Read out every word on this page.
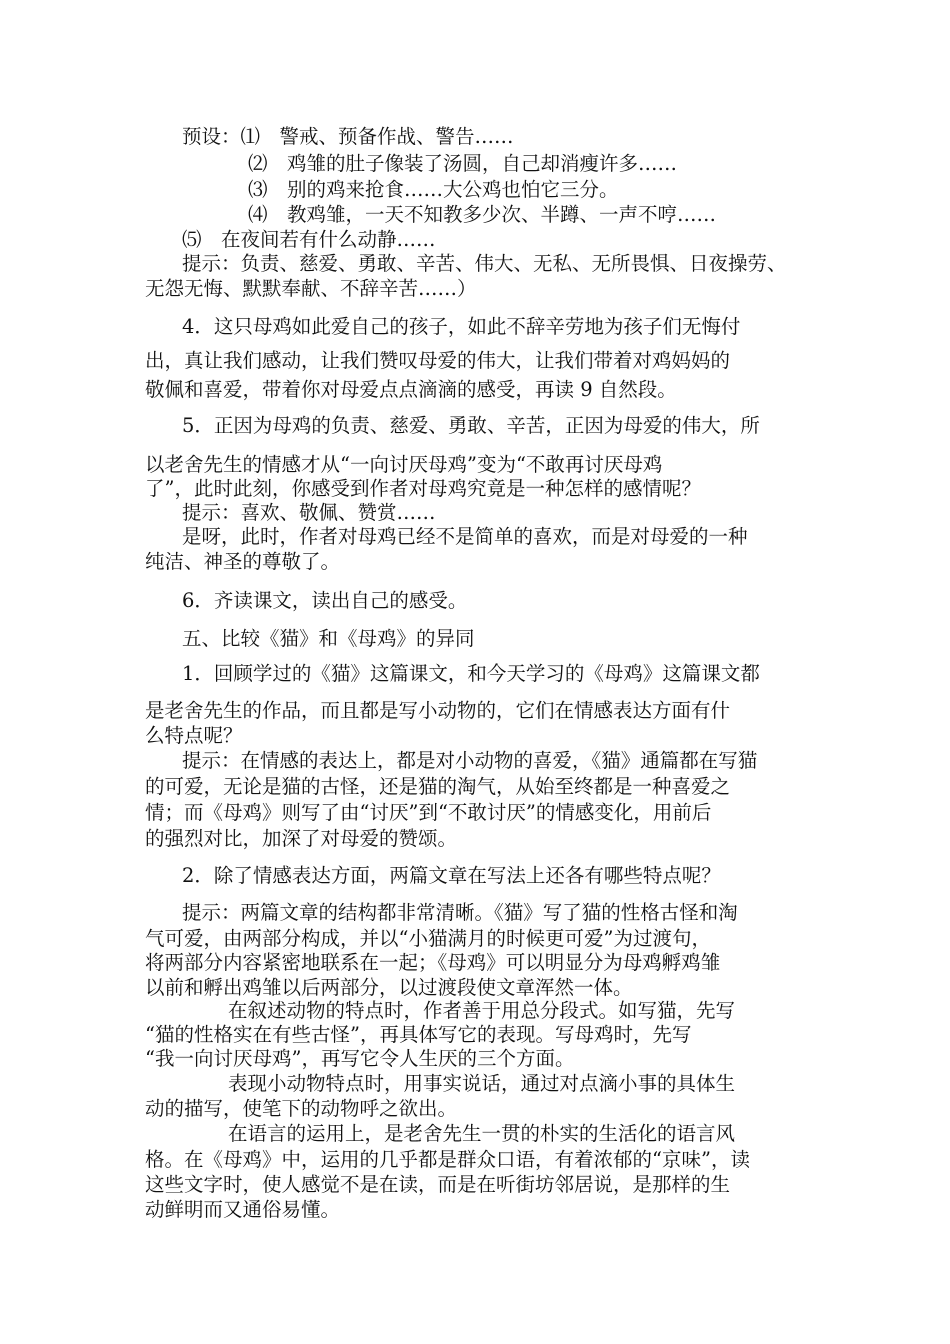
预设：⑴　警戒、预备作战、警告……
⑵　鸡雏的肚子像装了汤圆，自己却消瘦许多……
⑶　别的鸡来抢食……大公鸡也怕它三分。
⑷　教鸡雏，一天不知教多少次、半蹲、一声不哼……
⑸　在夜间若有什么动静……
提示：负责、慈爱、勇敢、辛苦、伟大、无私、无所畏惧、日夜操劳、
无怨无悔、默默奉献、不辞辛苦……）
4．这只母鸡如此爱自己的孩子，如此不辞辛劳地为孩子们无悔付
出，真让我们感动，让我们赞叹母爱的伟大，让我们带着对鸡妈妈的
敬佩和喜爱，带着你对母爱点点滴滴的感受，再读 9 自然段。
5．正因为母鸡的负责、慈爱、勇敢、辛苦，正因为母爱的伟大，所
以老舍先生的情感才从“一向讨厌母鸡”变为“不敢再讨厌母鸡
了”，此时此刻，你感受到作者对母鸡究竟是一种怎样的感情呢？
提示：喜欢、敬佩、赞赏……
是呀，此时，作者对母鸡已经不是简单的喜欢，而是对母爱的一种
纯洁、神圣的尊敬了。
6．齐读课文，读出自己的感受。
五、比较《猫》和《母鸡》的异同
1．回顾学过的《猫》这篇课文，和今天学习的《母鸡》这篇课文都
是老舍先生的作品，而且都是写小动物的，它们在情感表达方面有什
么特点呢？
提示：在情感的表达上，都是对小动物的喜爱，《猫》通篇都在写猫
的可爱，无论是猫的古怪，还是猫的淘气，从始至终都是一种喜爱之
情；而《母鸡》则写了由“讨厌”到“不敢讨厌”的情感变化，用前后
的强烈对比，加深了对母爱的赞颂。
2．除了情感表达方面，两篇文章在写法上还各有哪些特点呢？
提示：两篇文章的结构都非常清晰。《猫》写了猫的性格古怪和淘
气可爱，由两部分构成，并以“小猫满月的时候更可爱”为过渡句，
将两部分内容紧密地联系在一起；《母鸡》可以明显分为母鸡孵鸡雏
以前和孵出鸡雏以后两部分，以过渡段使文章浑然一体。
在叙述动物的特点时，作者善于用总分段式。如写猫，先写
“猫的性格实在有些古怪”，再具体写它的表现。写母鸡时，先写
“我一向讨厌母鸡”，再写它令人生厌的三个方面。
表现小动物特点时，用事实说话，通过对点滴小事的具体生
动的描写，使笔下的动物呼之欲出。
在语言的运用上，是老舍先生一贯的朴实的生活化的语言风
格。在《母鸡》中，运用的几乎都是群众口语，有着浓郁的“京味”，读
这些文字时，使人感觉不是在读，而是在听街坊邻居说，是那样的生
动鲜明而又通俗易懂。
